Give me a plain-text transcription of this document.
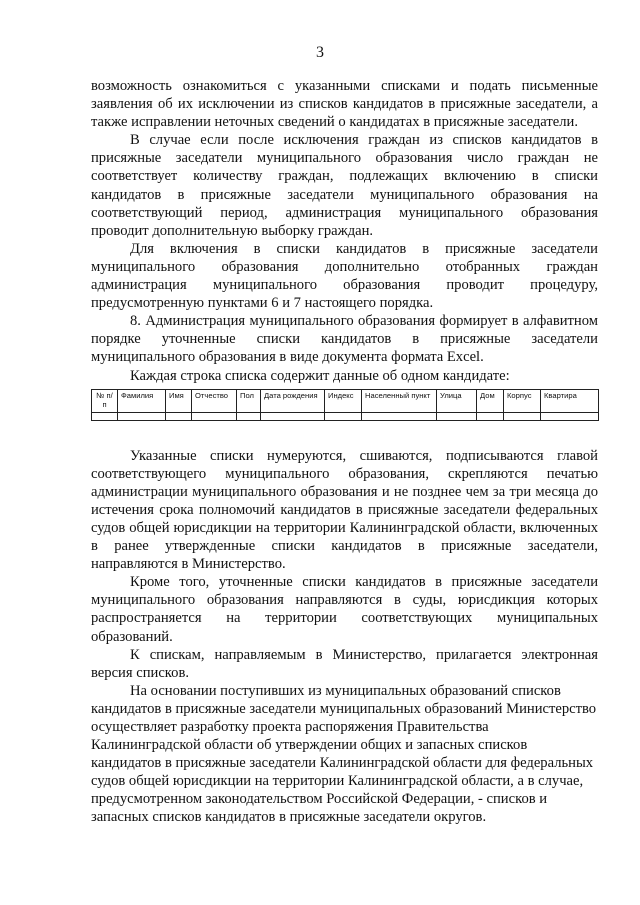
3

возможность ознакомиться с указанными списками и подать письменные заявления об их исключении из списков кандидатов в присяжные заседатели, а также исправлении неточных сведений о кандидатах в присяжные заседатели.

В случае если после исключения граждан из списков кандидатов в присяжные заседатели муниципального образования число граждан не соответствует количеству граждан, подлежащих включению в списки кандидатов в присяжные заседатели муниципального образования на соответствующий период, администрация муниципального образования проводит дополнительную выборку граждан.

Для включения в списки кандидатов в присяжные заседатели муниципального образования дополнительно отобранных граждан администрация муниципального образования проводит процедуру, предусмотренную пунктами 6 и 7 настоящего порядка.

8. Администрация муниципального образования формирует в алфавитном порядке уточненные списки кандидатов в присяжные заседатели муниципального образования в виде документа формата Excel.

Каждая строка списка содержит данные об одном кандидате:

№ п/п	Фамилия	Имя	Отчество	Пол	Дата рождения	Индекс	Населенный пункт	Улица	Дом	Корпус	Квартира

Указанные списки нумеруются, сшиваются, подписываются главой соответствующего муниципального образования, скрепляются печатью администрации муниципального образования и не позднее чем за три месяца до истечения срока полномочий кандидатов в присяжные заседатели федеральных судов общей юрисдикции на территории Калининградской области, включенных в ранее утвержденные списки кандидатов в присяжные заседатели, направляются в Министерство.

Кроме того, уточненные списки кандидатов в присяжные заседатели муниципального образования направляются в суды, юрисдикция которых распространяется на территории соответствующих муниципальных образований.

К спискам, направляемым в Министерство, прилагается электронная версия списков.

На основании поступивших из муниципальных образований списков кандидатов в присяжные заседатели муниципальных образований Министерство осуществляет разработку проекта распоряжения Правительства Калининградской области об утверждении общих и запасных списков кандидатов в присяжные заседатели Калининградской области для федеральных судов общей юрисдикции на территории Калининградской области, а в случае, предусмотренном законодательством Российской Федерации, - списков и запасных списков кандидатов в присяжные заседатели округов.
